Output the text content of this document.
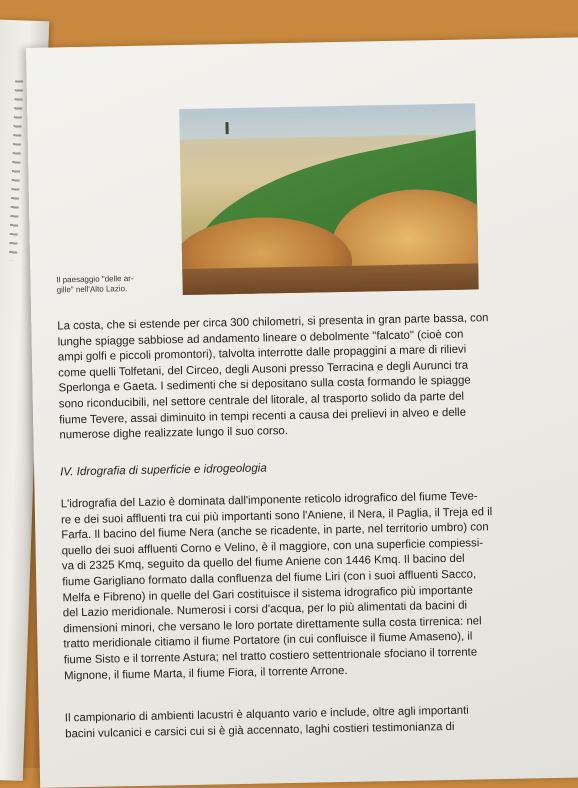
Il paesaggio "delle ar-
gille" nell'Alto Lazio.
La costa, che si estende per circa 300 chilometri, si presenta in gran parte bassa, con
lunghe spiagge sabbiose ad andamento lineare o debolmente "falcato" (cioè con
ampi golfi e piccoli promontori), talvolta interrotte dalle propaggini a mare di rilievi
come quelli Tolfetani, del Circeo, degli Ausoni presso Terracina e degli Aurunci tra
Sperlonga e Gaeta. I sedimenti che si depositano sulla costa formando le spiagge
sono riconducibili, nel settore centrale del litorale, al trasporto solido da parte del
fiume Tevere, assai diminuito in tempi recenti a causa dei prelievi in alveo e delle
numerose dighe realizzate lungo il suo corso.
IV. Idrografia di superficie e idrogeologia
L'idrografia del Lazio è dominata dall'imponente reticolo idrografico del fiume Teve-
re e dei suoi affluenti tra cui più importanti sono l'Aniene, il Nera, il Paglia, il Treja ed il
Farfa. Il bacino del fiume Nera (anche se ricadente, in parte, nel territorio umbro) con
quello dei suoi affluenti Corno e Velino, è il maggiore, con una superficie compiessi-
va di 2325 Kmq, seguito da quello del fiume Aniene con 1446 Kmq. Il bacino del
fiume Garigliano formato dalla confluenza del fiume Liri (con i suoi affluenti Sacco,
Melfa e Fibreno) in quelle del Gari costituisce il sistema idrografico più importante
del Lazio meridionale. Numerosi i corsi d'acqua, per lo più alimentati da bacini di
dimensioni minori, che versano le loro portate direttamente sulla costa tirrenica: nel
tratto meridionale citiamo il fiume Portatore (in cui confluisce il fiume Amaseno), il
fiume Sisto e il torrente Astura; nel tratto costiero settentrionale sfociano il torrente
Mignone, il fiume Marta, il fiume Fiora, il torrente Arrone.
Il campionario di ambienti lacustri è alquanto vario e include, oltre agli importanti
bacini vulcanici e carsici cui si è già accennato, laghi costieri testimonianza di
